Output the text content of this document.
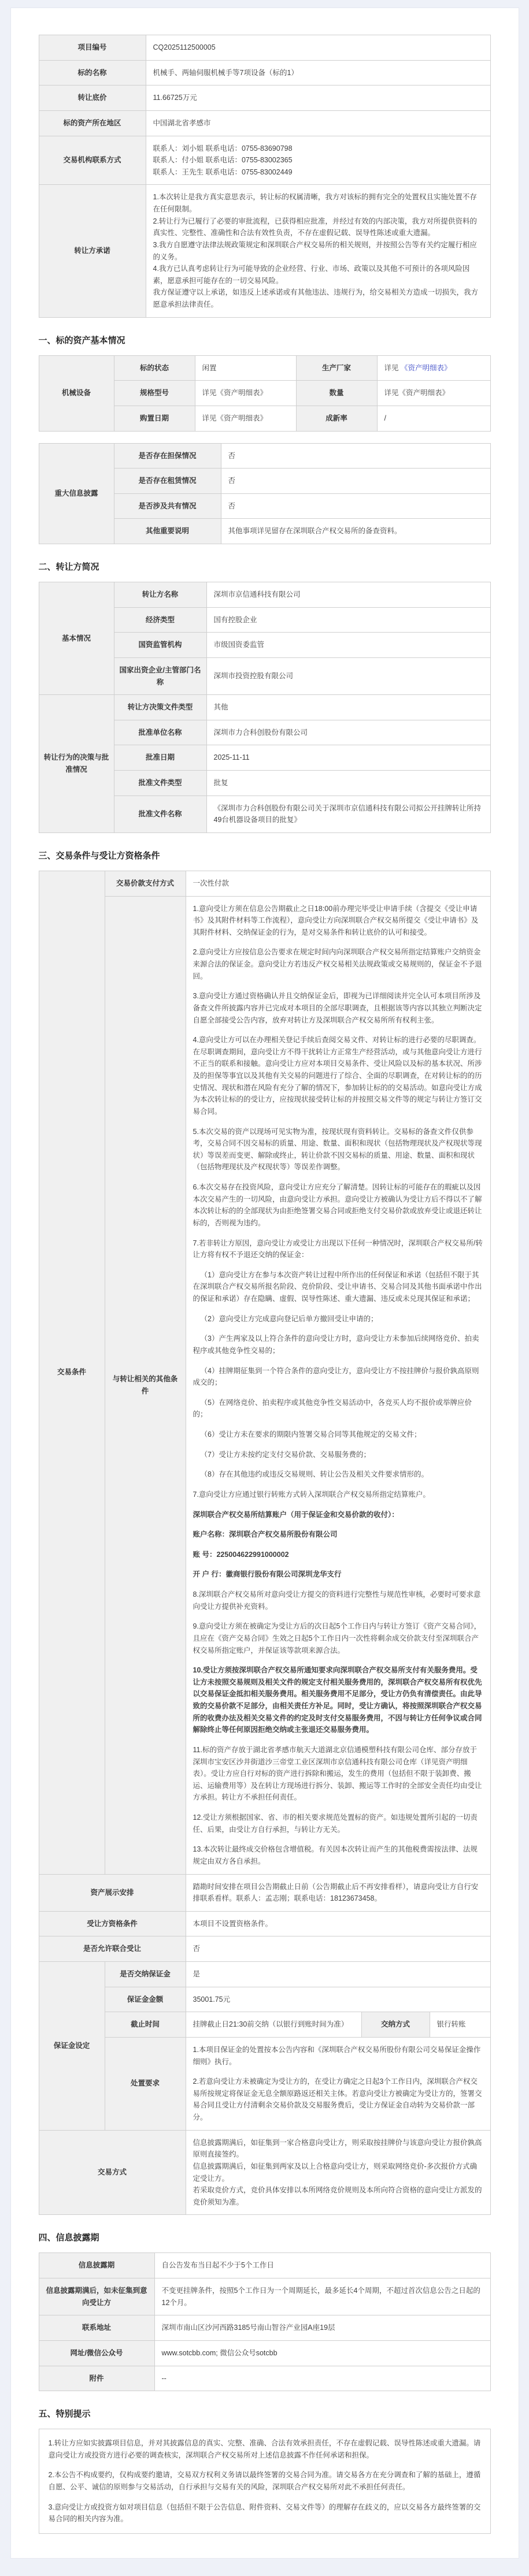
项目编号	CQ2025112500005
标的名称	机械手、两轴伺服机械手等7项设备（标的1）
转让底价	11.66725万元
标的资产所在地区	中国湖北省孝感市
交易机构联系方式	联系人：刘小姐 联系电话：0755-83690798
联系人：付小姐 联系电话：0755-83002365
联系人：王先生 联系电话：0755-83002449

转让方承诺	1.本次转让是我方真实意思表示，转让标的权属清晰，我方对该标的拥有完全的处置权且实施处置不存在任何限制。
2.转让行为已履行了必要的审批流程，已获得相应批准，并经过有效的内部决策，我方对所提供资料的真实性、完整性、准确性和合法有效性负责，不存在虚假记载、误导性陈述或重大遗漏。
3.我方自愿遵守法律法规政策规定和深圳联合产权交易所的相关规则，并按照公告等有关约定履行相应的义务。
4.我方已认真考虑转让行为可能导致的企业经营、行业、市场、政策以及其他不可预计的各项风险因素，愿意承担可能存在的一切交易风险。
我方保证遵守以上承诺，如违反上述承诺或有其他违法、违规行为，给交易相关方造成一切损失，我方愿意承担法律责任。
一、标的资产基本情况
机械设备	标的状态	闲置	生产厂家	详见 《资产明细表》
	规格型号	详见《资产明细表》	数量	详见《资产明细表》
	购置日期	详见《资产明细表》	成新率	/
重大信息披露	是否存在担保情况	否
	是否存在租赁情况	否
	是否涉及共有情况	否
	其他重要说明	其他事项详见留存在深圳联合产权交易所的备查资料。
二、转让方简况
基本情况	转让方名称	深圳市京信通科技有限公司
	经济类型	国有控股企业
	国资监管机构	市级国资委监管
	国家出资企业/主管部门名称	深圳市投资控股有限公司
转让行为的决策与批准情况	转让方决策文件类型	其他
	批准单位名称	深圳市力合科创股份有限公司
	批准日期	2025-11-11
	批准文件类型	批复
	批准文件名称	《深圳市力合科创股份有限公司关于深圳市京信通科技有限公司拟公开挂牌转让所持49台机器设备项目的批复》
三、交易条件与受让方资格条件
交易条件	交易价款支付方式	一次性付款		
与转让相关的其他条件	

1.意向受让方须在信息公告期截止之日18:00前办理完毕受让申请手续（含提交《受让申请书》及其附件材料等工作流程），意向受让方向深圳联合产权交易所提交《受让申请书》及其附件材料、交纳保证金的行为，是对交易条件和转让底价的认可和接受。

2.意向受让方应按信息公告要求在规定时间内向深圳联合产权交易所指定结算账户交纳资金来源合法的保证金。意向受让方若违反产权交易相关法规政策或交易规则的，保证金不予退回。

3.意向受让方通过资格确认并且交纳保证金后，即视为已详细阅读并完全认可本项目所涉及备查文件所披露内容并已完成对本项目的全部尽职调查，且根据该等内容以其独立判断决定自愿全部接受公告内容，放弃对转让方及深圳联合产权交易所所有权利主张。

4.意向受让方可以在办理相关登记手续后查阅交易文件、对转让标的进行必要的尽职调查。在尽职调查期间，意向受让方不得干扰转让方正常生产经营活动，或与其他意向受让方进行不正当的联系和接触。意向受让方应对本项目交易条件、受让风险以及标的基本状况、所涉及的担保等事宜以及其他有关交易的问题进行了综合、全面的尽职调查，在对转让标的的历史情况、现状和潜在风险有充分了解的情况下，参加转让标的的交易活动。如意向受让方成为本次转让标的的受让方，应按现状接受转让标的并按照交易文件等的规定与转让方签订交易合同。

5.本次交易的资产以现场可见实物为准，按现状现有资料转让。交易标的备查文件仅供参考，交易合同不因交易标的质量、用途、数量、面积和现状（包括物理现状及产权现状等现状）等误差而变更、解除或终止，转让价款不因交易标的质量、用途、数量、面积和现状（包括物理现状及产权现状等）等误差作调整。

6.本次交易存在投资风险，意向受让方应充分了解清楚。因转让标的可能存在的瑕疵以及因本次交易产生的一切风险，由意向受让方承担。意向受让方被确认为受让方后不得以不了解本次转让标的的全部现状为由拒绝签署交易合同或拒绝支付交易价款或放弃受让或退还转让标的，否则视为违约。

7.若非转让方原因，意向受让方或受让方出现以下任何一种情况时，深圳联合产权交易所/转让方将有权不予退还交纳的保证金：

（1）意向受让方在参与本次资产转让过程中所作出的任何保证和承诺（包括但不限于其在深圳联合产权交易所报名阶段、竞价阶段、受让申请书、交易合同及其他书面承诺中作出的保证和承诺）存在隐瞒、虚假、误导性陈述、重大遗漏、违反或未兑现其保证和承诺；

（2）意向受让方完成意向登记后单方撤回受让申请的；

（3）产生两家及以上符合条件的意向受让方时，意向受让方未参加后续网络竞价、拍卖程序或其他竞争性交易的；

（4）挂牌期征集到一个符合条件的意向受让方，意向受让方不按挂牌价与报价孰高原则成交的；

（5）在网络竞价、拍卖程序或其他竞争性交易活动中，各竞买人均不报价或举牌应价的；

（6）受让方未在要求的期限内签署交易合同等其他规定的交易文件；

（7）受让方未按约定支付交易价款、交易服务费的；

（8）存在其他违约或违反交易规则、转让公告及相关文件要求情形的。

7.意向受让方应通过银行转账方式转入深圳联合产权交易所指定结算账户。

深圳联合产权交易所结算账户（用于保证金和交易价款的收付）：

账户名称：深圳联合产权交易所股份有限公司

账 号：225004622991000002

开 户 行：徽商银行股份有限公司深圳龙华支行

8.深圳联合产权交易所对意向受让方提交的资料进行完整性与规范性审核，必要时可要求意向受让方提供补充资料。

9.意向受让方须在被确定为受让方后的次日起5个工作日内与转让方签订《资产交易合同》，且应在《资产交易合同》生效之日起5个工作日内一次性将剩余成交价款支付至深圳联合产权交易所指定账户，并保证该等款项来源合法。

10.受让方须按深圳联合产权交易所通知要求向深圳联合产权交易所支付有关服务费用。受让方未按照交易规则及相关文件的规定支付相关服务费用的，深圳联合产权交易所有权优先以交易保证金抵扣相关服务费用。相关服务费用不足部分，受让方仍负有清偿责任。由此导致的交易价款不足部分，由相关责任方补足。同时，受让方确认，将按照深圳联合产权交易所的收费办法及相关交易文件的约定及时支付交易服务费用，不因与转让方任何争议或合同解除终止等任何原因拒绝交纳或主张退还交易服务费用。

11.标的资产存放于湖北省孝感市航天大道湖北京信通模塑科技有限公司仓库、部分存放于深圳市宝安区沙井街道沙三帝堂工业区深圳市京信通科技有限公司仓库（详见资产明细表）。受让方应自行对标的资产进行拆除和搬运，发生的费用（包括但不限于装卸费、搬运、运输费用等）及在转让方现场进行拆分、装卸、搬运等工作时的全部安全责任均由受让方承担。转让方不承担任何责任。

12.受让方须根据国家、省、市的相关要求规范处置标的资产。如违规处置所引起的一切责任、后果，由受让方自行承担，与转让方无关。

13.本次转让最终成交价格包含增值税。有关因本次转让而产生的其他税费需按法律、法规规定由双方各自承担。

资产展示安排		踏勘时间安排在项目公告期截止日前（公告期截止后不再安排看样），请意向受让方自行安排联系看样。联系人：孟志刚；联系电话：18123673458。		
受让方资格条件		本项目不设置资格条件。		
是否允许联合受让		否		
保证金设定	是否交纳保证金	是		
	保证金金额	35001.75元		
	截止时间	挂牌截止日21:30前交纳（以银行到账时间为准）	交纳方式	银行转账
	处置要求	1.本项目保证金的处置按本公告内容和《深圳联合产权交易所股份有限公司交易保证金操作细则》执行。

2.若意向受让方未被确定为受让方的，在受让方确定之日起3个工作日内，深圳联合产权交易所按规定将保证金无息全额原路返还相关主体。若意向受让方被确定为受让方的，签署交易合同且受让方付清剩余交易价款及交易服务费后，受让方保证金自动转为交易价款一部分。		

交易方式		信息披露期满后，如征集到一家合格意向受让方，则采取按挂牌价与该意向受让方报价孰高原则直接签约。
信息披露期满后，如征集到两家及以上合格意向受让方，则采取网络竞价-多次报价方式确定受让方。
若采取竞价方式，竞价具体安排以本所网络竞价规则及本所向符合资格的意向受让方派发的竞价须知为准。		
四、信息披露期
信息披露期	自公告发布当日起不少于5个工作日
信息披露期满后，如未征集到意向受让方	不变更挂牌条件，按照5个工作日为一个周期延长，最多延长4个周期，不超过首次信息公告之日起的12个月。
联系地址	深圳市南山区沙河西路3185号南山智谷产业园A座19层
网址/微信公众号	www.sotcbb.com; 微信公众号sotcbb
附件	--
五、特别提示

1.转让方应如实披露项目信息，并对其披露信息的真实、完整、准确、合法有效承担责任，不存在虚假记载、误导性陈述或重大遗漏。请意向受让方或投资方进行必要的调查核实，深圳联合产权交易所对上述信息披露不作任何承诺和担保。

2.本公告不构成要约，仅构成要约邀请，交易双方权利义务请以最终签署的交易合同为准。请交易各方在充分调查和了解的基础上，遵循自愿、公平、诚信的原则参与交易活动，自行承担与交易有关的风险，深圳联合产权交易所对此不承担任何责任。

3.意向受让方或投资方如对项目信息（包括但不限于公告信息、附件资料、交易文件等）的理解存在歧义的，应以交易各方最终签署的交易合同的相关内容为准。
